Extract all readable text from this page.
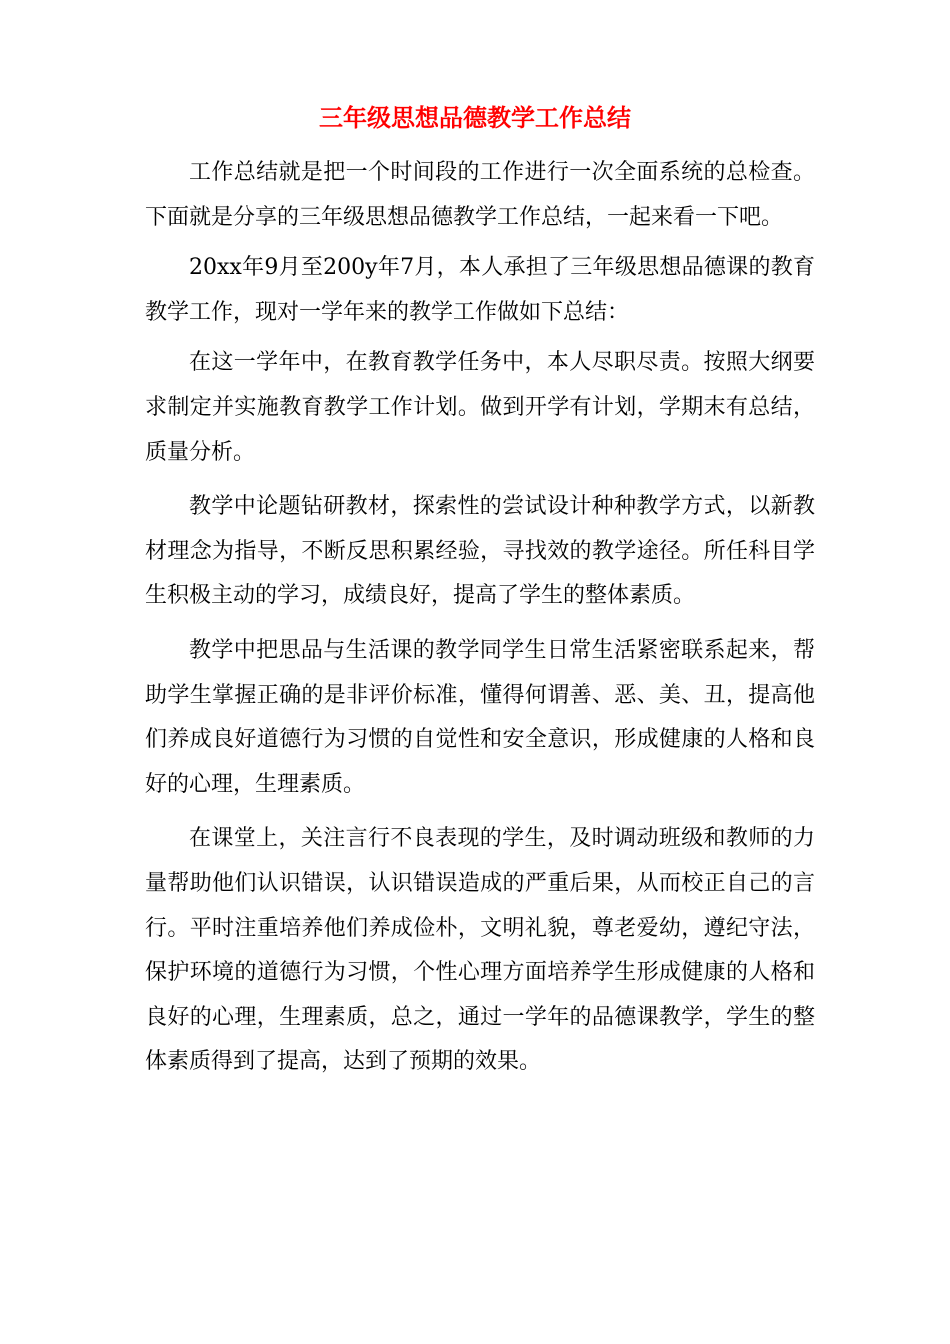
三年级思想品德教学工作总结

工作总结就是把一个时间段的工作进行一次全面系统的总检查。下面就是分享的三年级思想品德教学工作总结，一起来看一下吧。

20xx年9月至200y年7月，本人承担了三年级思想品德课的教育教学工作，现对一学年来的教学工作做如下总结：

在这一学年中，在教育教学任务中，本人尽职尽责。按照大纲要求制定并实施教育教学工作计划。做到开学有计划，学期末有总结，质量分析。

教学中论题钻研教材，探索性的尝试设计种种教学方式，以新教材理念为指导，不断反思积累经验，寻找效的教学途径。所任科目学生积极主动的学习，成绩良好，提高了学生的整体素质。

教学中把思品与生活课的教学同学生日常生活紧密联系起来，帮助学生掌握正确的是非评价标准，懂得何谓善、恶、美、丑，提高他们养成良好道德行为习惯的自觉性和安全意识，形成健康的人格和良好的心理，生理素质。

在课堂上，关注言行不良表现的学生，及时调动班级和教师的力量帮助他们认识错误，认识错误造成的严重后果，从而校正自己的言行。平时注重培养他们养成俭朴，文明礼貌，尊老爱幼，遵纪守法，保护环境的道德行为习惯，个性心理方面培养学生形成健康的人格和良好的心理，生理素质，总之，通过一学年的品德课教学，学生的整体素质得到了提高，达到了预期的效果。
